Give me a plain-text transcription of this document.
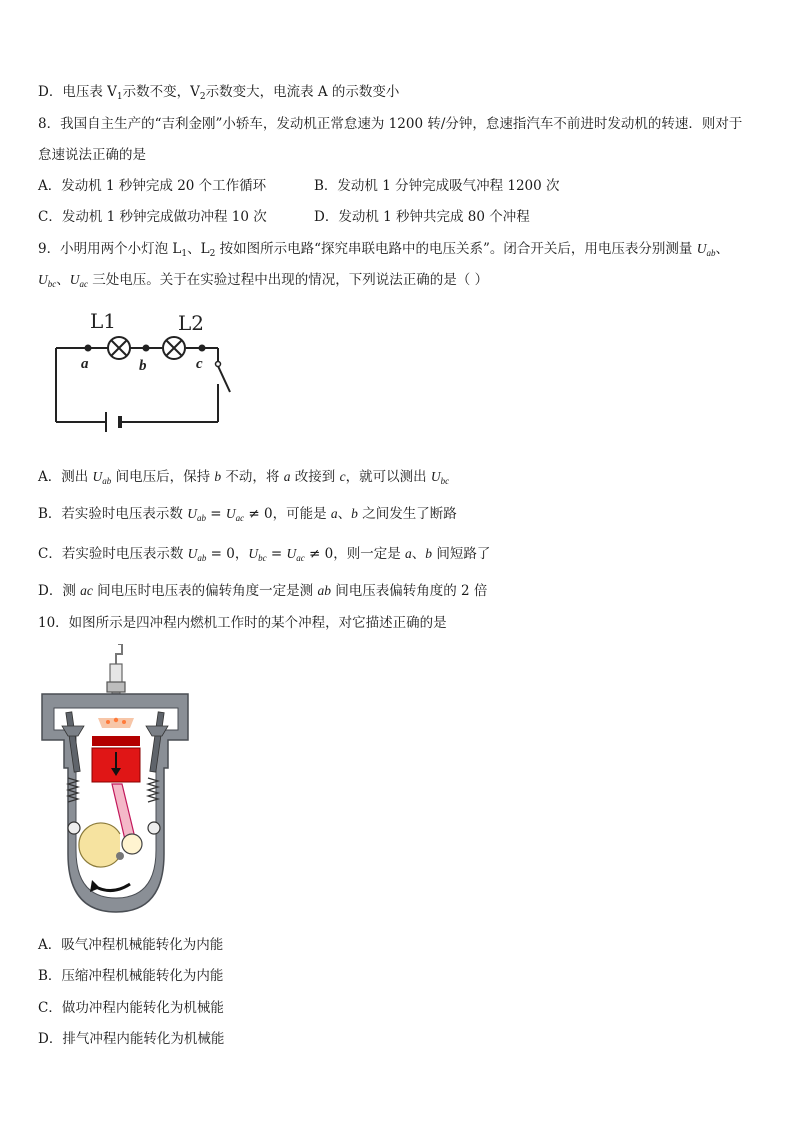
D．电压表 $V_1$示数不变，$V_2$示数变大，电流表 A 的示数变小
8．我国自主生产的“吉利金刚”小轿车，发动机正常怠速为 1200 转/分钟，怠速指汽车不前进时发动机的转速．则对于
怠速说法正确的是
A．发动机 1 秒钟完成 20 个工作循环	B．发动机 1 分钟完成吸气冲程 1200 次
C．发动机 1 秒钟完成做功冲程 10 次	D．发动机 1 秒钟共完成 80 个冲程
9．小明用两个小灯泡 $L_1$、$L_2$ 按如图所示电路“探究串联电路中的电压关系”。闭合开关后，用电压表分别测量 $U_{ab}$、
$U_{bc}$、$U_{ac}$ 三处电压。关于在实验过程中出现的情况，下列说法正确的是（ ）
L1	L2
a	b	c
A．测出 $U_{ab}$ 间电压后，保持 b 不动，将 a 改接到 c，就可以测出 $U_{bc}$
B．若实验时电压表示数 $U_{ab} = U_{ac} \ne 0$，可能是 a、b 之间发生了断路
C．若实验时电压表示数 $U_{ab} = 0$，$U_{bc} = U_{ac} \ne 0$，则一定是 a、b 间短路了
D．测 ac 间电压时电压表的偏转角度一定是测 ab 间电压表偏转角度的 2 倍
10．如图所示是四冲程内燃机工作时的某个冲程，对它描述正确的是
A．吸气冲程机械能转化为内能
B．压缩冲程机械能转化为内能
C．做功冲程内能转化为机械能
D．排气冲程内能转化为机械能
